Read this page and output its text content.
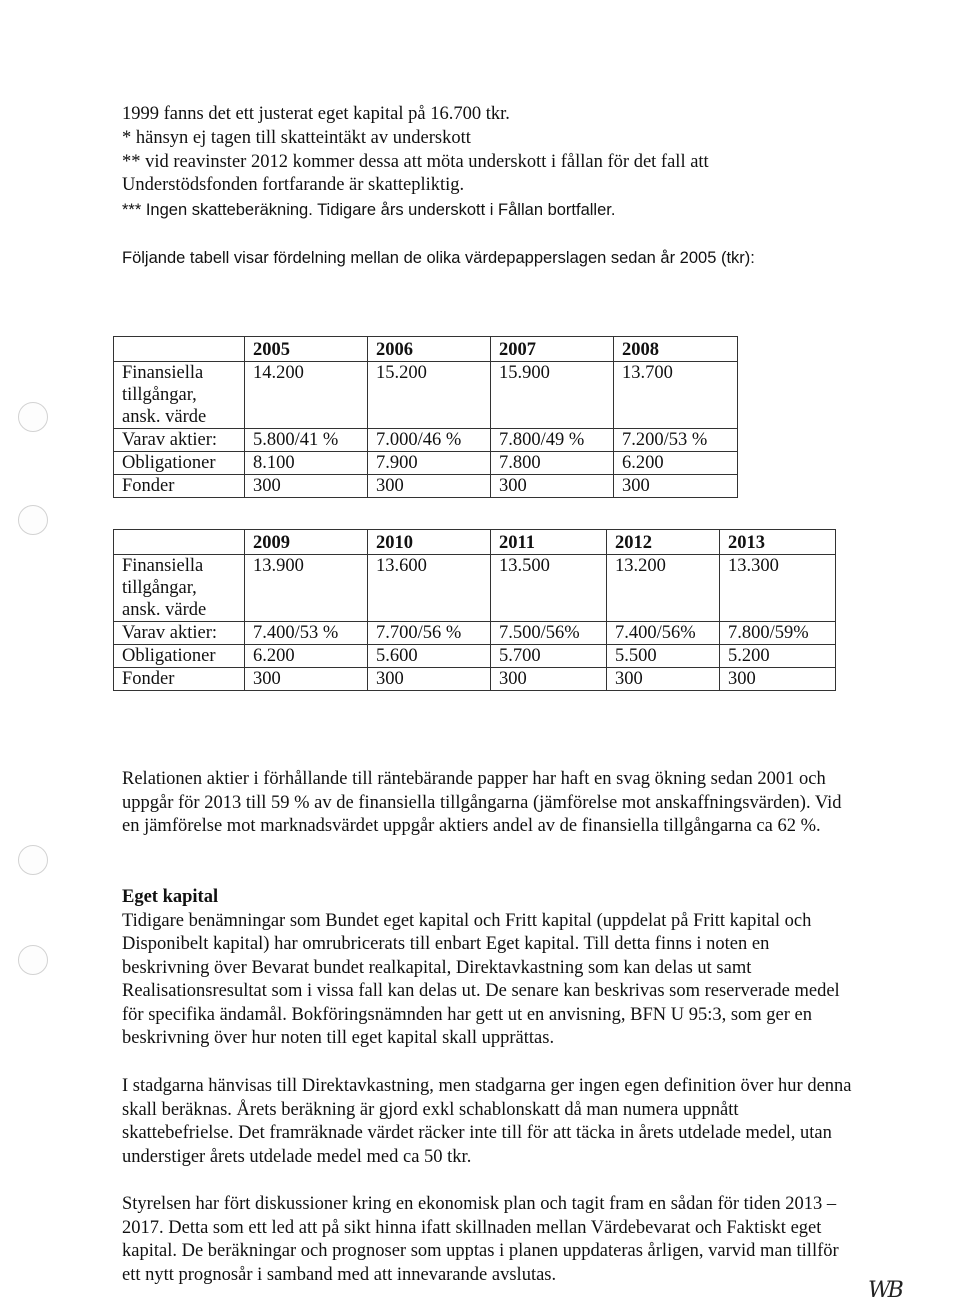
1999 fanns det ett justerat eget kapital på 16.700 tkr.
* hänsyn ej tagen till skatteintäkt av underskott
** vid reavinster 2012 kommer dessa att möta underskott i fållan för det fall att
Understödsfonden fortfarande är skattepliktig.
*** Ingen skatteberäkning. Tidigare års underskott i Fållan bortfaller.
Följande tabell visar fördelning mellan de olika värdepapperslagen sedan år 2005 (tkr):
	2005	2006	2007	2008
Finansiella tillgångar, ansk. värde	14.200	15.200	15.900	13.700
Varav aktier:	5.800/41 %	7.000/46 %	7.800/49 %	7.200/53 %
Obligationer	8.100	7.900	7.800	6.200
Fonder	300	300	300	300
	2009	2010	2011	2012	2013
Finansiella tillgångar, ansk. värde	13.900	13.600	13.500	13.200	13.300
Varav aktier:	7.400/53 %	7.700/56 %	7.500/56%	7.400/56%	7.800/59%
Obligationer	6.200	5.600	5.700	5.500	5.200
Fonder	300	300	300	300	300

Relationen aktier i förhållande till räntebärande papper har haft en svag ökning sedan 2001 och uppgår för 2013 till 59 % av de finansiella tillgångarna (jämförelse mot anskaffningsvärden). Vid en jämförelse mot marknadsvärdet uppgår aktiers andel av de finansiella tillgångarna ca 62 %.

Eget kapital

Tidigare benämningar som Bundet eget kapital och Fritt kapital (uppdelat på Fritt kapital och Disponibelt kapital) har omrubricerats till enbart Eget kapital. Till detta finns i noten en beskrivning över Bevarat bundet realkapital, Direktavkastning som kan delas ut samt Realisationsresultat som i vissa fall kan delas ut. De senare kan beskrivas som reserverade medel för specifika ändamål. Bokföringsnämnden har gett ut en anvisning, BFN U 95:3, som ger en beskrivning över hur noten till eget kapital skall upprättas.

I stadgarna hänvisas till Direktavkastning, men stadgarna ger ingen egen definition över hur denna skall beräknas. Årets beräkning är gjord exkl schablonskatt då man numera uppnått skattebefrielse. Det framräknade värdet räcker inte till för att täcka in årets utdelade medel, utan understiger årets utdelade medel med ca 50 tkr.

Styrelsen har fört diskussioner kring en ekonomisk plan och tagit fram en sådan för tiden 2013 – 2017. Detta som ett led att på sikt hinna ifatt skillnaden mellan Värdebevarat och Faktiskt eget kapital. De beräkningar och prognoser som upptas i planen uppdateras årligen, varvid man tillför ett nytt prognosår i samband med att innevarande avslutas.

WB
